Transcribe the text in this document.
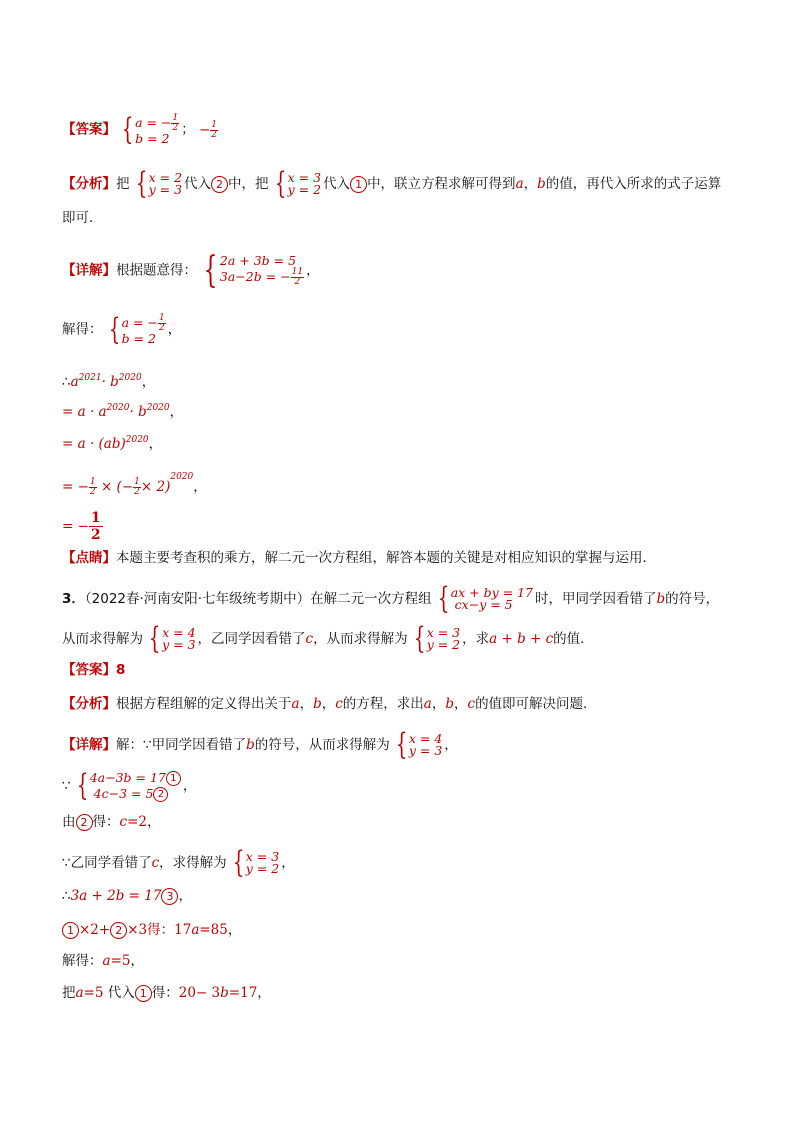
【答案】 { a = − $\frac{1}{2}$
b = 2
； − $\frac{1}{2}$
【分析】把 { x = 2
y = 3 代入 2 中，把 { x = 3
y = 2 代入 1 中，联立方程求解可得到a，b的值，再代入所求的式子运算
即可．
【详解】根据题意得： { 2a + 3b = 5
3a−2b = − $\frac{11}{2}$ ，
解得： { a = − $\frac{1}{2}$
b = 2
，
$\therefore a^{2021}\cdot b^{2020}$，
= $a \cdot a^{2020}\cdot b^{2020}$，
= a · (ab)$^{2020}$，
= − $\frac{1}{2}$ × (− $\frac{1}{2} \times 2)^{2020}$，
= − $\frac{1}{2}$
【点睛】本题主要考查积的乘方，解二元一次方程组，解答本题的关键是对相应知识的掌握与运用．
3．（2022春·河南安阳·七年级统考期中）在解二元一次方程组 { ax + by = 17
cx−y = 5	时，甲同学因看错了b的符号，
从而求得解为 { x = 4
y = 3 ，乙同学因看错了c，从而求得解为 { x = 3
y = 2 ，求a + b + c的值．
【答案】8
【分析】根据方程组解的定义得出关于a，b，c的方程，求出a，b，c的值即可解决问题．
【详解】解：∵甲同学因看错了b的符号，从而求得解为 { x = 4
y = 3 ，
∵ { 4a−3b = 17 1
4c−3 = 5 2
，
由 2 得：c=2，
∵乙同学看错了c，求得解为 { x = 3
y = 2 ，
∴3a + 2b = 17 3 ，
1 ×2+ 2 ×3得：17a=85，
解得：a=5，
把a=5 代入 1 得：20− 3b=17，
